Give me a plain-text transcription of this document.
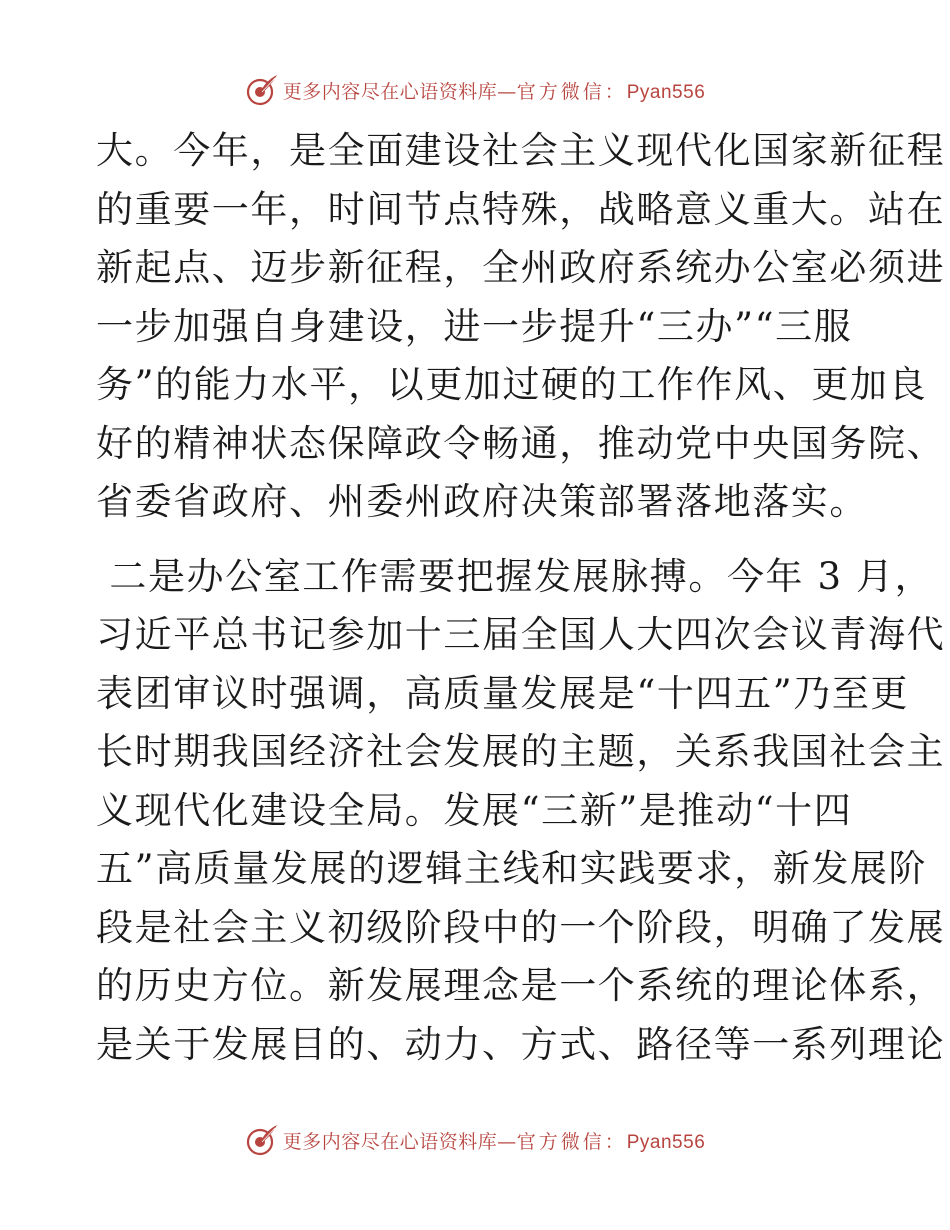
更多内容尽在心语资料库—官方微信：Pyan556
大。今年，是全面建设社会主义现代化国家新征程
的重要一年，时间节点特殊，战略意义重大。站在
新起点、迈步新征程，全州政府系统办公室必须进
一步加强自身建设，进一步提升“三办”“三服
务”的能力水平，以更加过硬的工作作风、更加良
好的精神状态保障政令畅通，推动党中央国务院、
省委省政府、州委州政府决策部署落地落实。
二是办公室工作需要把握发展脉搏。今年 3 月，
习近平总书记参加十三届全国人大四次会议青海代
表团审议时强调，高质量发展是“十四五”乃至更
长时期我国经济社会发展的主题，关系我国社会主
义现代化建设全局。发展“三新”是推动“十四
五”高质量发展的逻辑主线和实践要求，新发展阶
段是社会主义初级阶段中的一个阶段，明确了发展
的历史方位。新发展理念是一个系统的理论体系，
是关于发展目的、动力、方式、路径等一系列理论
更多内容尽在心语资料库—官方微信：Pyan556
